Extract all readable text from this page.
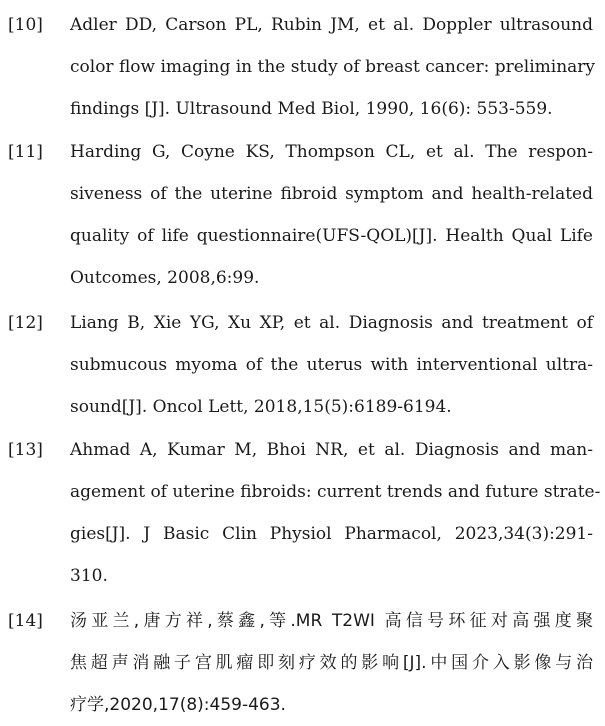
[10] Adler DD, Carson PL, Rubin JM, et al. Doppler ultrasound
color flow imaging in the study of breast cancer: preliminary
findings [J]. Ultrasound Med Biol, 1990, 16(6): 553-559.
[11] Harding G, Coyne KS, Thompson CL, et al. The respon-
siveness of the uterine fibroid symptom and health-related
quality of life questionnaire(UFS-QOL)[J]. Health Qual Life
Outcomes, 2008,6:99.
[12] Liang B, Xie YG, Xu XP, et al. Diagnosis and treatment of
submucous myoma of the uterus with interventional ultra-
sound[J]. Oncol Lett, 2018,15(5):6189-6194.
[13] Ahmad A, Kumar M, Bhoi NR, et al. Diagnosis and man-
agement of uterine fibroids: current trends and future strate-
gies[J]. J Basic Clin Physiol Pharmacol, 2023,34(3):291-
310.
[14] 汤亚兰,唐方祥,蔡鑫,等.MR T2WI 高信号环征对高强度聚
焦超声消融子宫肌瘤即刻疗效的影响[J].中国介入影像与治
疗学,2020,17(8):459-463.
